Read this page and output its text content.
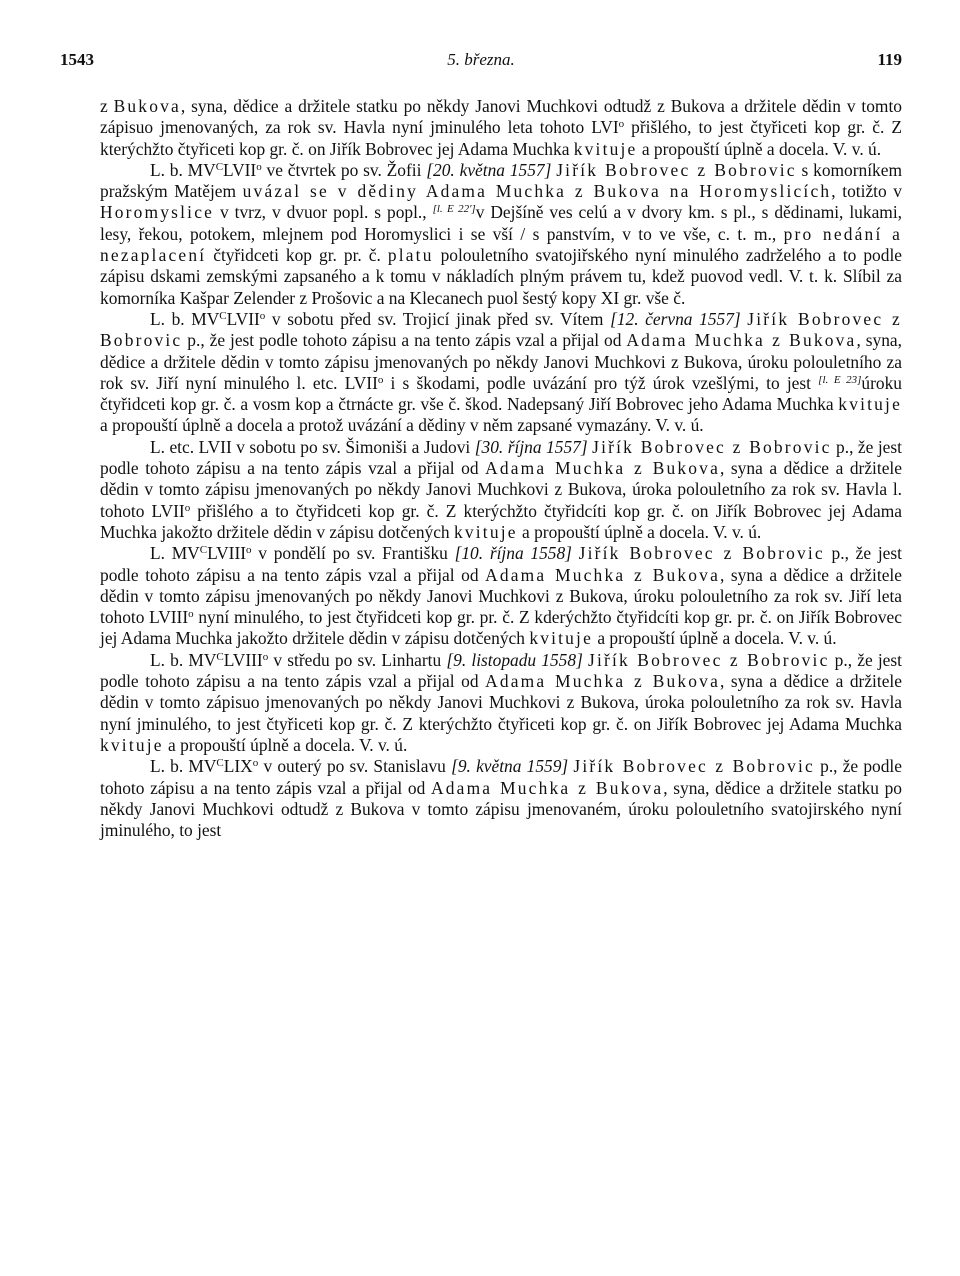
1543	5. března.	119

z Bukova, syna, dědice a držitele statku po někdy Janovi Muchkovi odtudž z Bukova a držitele dědin v tomto zápisuo jmenovaných, za rok sv. Havla nyní jminulého leta tohoto LVI$^o$ přišlého, to jest čtyřiceti kop gr. č. Z kterýchžto čtyřiceti kop gr. č. on Jiřík Bobrovec jej Adama Muchka kvituje a propouští úplně a docela. V. v. ú.

L. b. $MV^CLVII^o$ ve čtvrtek po sv. Žofii [20. května 1557] Jiřík Bobrovec z Bobrovic s komorníkem pražským Matějem uvázal se v dědiny Adama Muchka z Bukova na Horomyslicích, totižto v Horomyslice v tvrz, v dvuor popl. s popl., [l. E 22']v Dejšíně ves celú a v dvory km. s pl., s dědinami, lukami, lesy, řekou, potokem, mlejnem pod Horomyslici i se vší / s panstvím, v to ve vše, c. t. m., pro nedání a nezaplacení čtyřidceti kop gr. pr. č. platu polouletního svatojiřského nyní minulého zadrželého a to podle zápisu dskami zemskými zapsaného a k tomu v nákladích plným právem tu, kdež puovod vedl. V. t. k. Slíbil za komorníka Kašpar Zelender z Prošovic a na Klecanech puol šestý kopy XI gr. vše č.

L. b. $MV^CLVII^o$ v sobotu před sv. Trojicí jinak před sv. Vítem [12. června 1557] Jiřík Bobrovec z Bobrovic p., že jest podle tohoto zápisu a na tento zápis vzal a přijal od Adama Muchka z Bukova, syna, dědice a držitele dědin v tomto zápisu jmenovaných po někdy Janovi Muchkovi z Bukova, úroku polouletního za rok sv. Jiří nyní minulého l. etc. LVII$^o$ i s škodami, podle uvázání pro týž úrok vzešlými, to jest [l. E 23]úroku čtyřidceti kop gr. č. a vosm kop a čtrnácte gr. vše č. škod. Nadepsaný Jiří Bobrovec jeho Adama Muchka kvituje a propouští úplně a docela a protož uvázání a dědiny v něm zapsané vymazány. V. v. ú.

L. etc. LVII v sobotu po sv. Šimoniši a Judovi [30. října 1557] Jiřík Bobrovec z Bobrovic p., že jest podle tohoto zápisu a na tento zápis vzal a přijal od Adama Muchka z Bukova, syna a dědice a držitele dědin v tomto zápisu jmenovaných po někdy Janovi Muchkovi z Bukova, úroka polouletního za rok sv. Havla l. tohoto LVII$^o$ přišlého a to čtyřidceti kop gr. č. Z kterýchžto čtyřidcíti kop gr. č. on Jiřík Bobrovec jej Adama Muchka jakožto držitele dědin v zápisu dotčených kvituje a propouští úplně a docela. V. v. ú.

L. $MV^CLVIII^o$ v pondělí po sv. Františku [10. října 1558] Jiřík Bobrovec z Bobrovic p., že jest podle tohoto zápisu a na tento zápis vzal a přijal od Adama Muchka z Bukova, syna a dědice a držitele dědin v tomto zápisu jmenovaných po někdy Janovi Muchkovi z Bukova, úroku polouletního za rok sv. Jiří leta tohoto LVIII$^o$ nyní minulého, to jest čtyřidceti kop gr. pr. č. Z kderýchžto čtyřidcíti kop gr. pr. č. on Jiřík Bobrovec jej Adama Muchka jakožto držitele dědin v zápisu dotčených kvituje a propouští úplně a docela. V. v. ú.

L. b. $MV^CLVIII^o$ v středu po sv. Linhartu [9. listopadu 1558] Jiřík Bobrovec z Bobrovic p., že jest podle tohoto zápisu a na tento zápis vzal a přijal od Adama Muchka z Bukova, syna a dědice a držitele dědin v tomto zápisuo jmenovaných po někdy Janovi Muchkovi z Bukova, úroka polouletního za rok sv. Havla nyní jminulého, to jest čtyřiceti kop gr. č. Z kterýchžto čtyřiceti kop gr. č. on Jiřík Bobrovec jej Adama Muchka kvituje a propouští úplně a docela. V. v. ú.

L. b. $MV^CLIX^o$ v outerý po sv. Stanislavu [9. května 1559] Jiřík Bobrovec z Bobrovic p., že podle tohoto zápisu a na tento zápis vzal a přijal od Adama Muchka z Bukova, syna, dědice a držitele statku po někdy Janovi Muchkovi odtudž z Bukova v tomto zápisu jmenovaném, úroku polouletního svatojirského nyní jminulého, to jest
